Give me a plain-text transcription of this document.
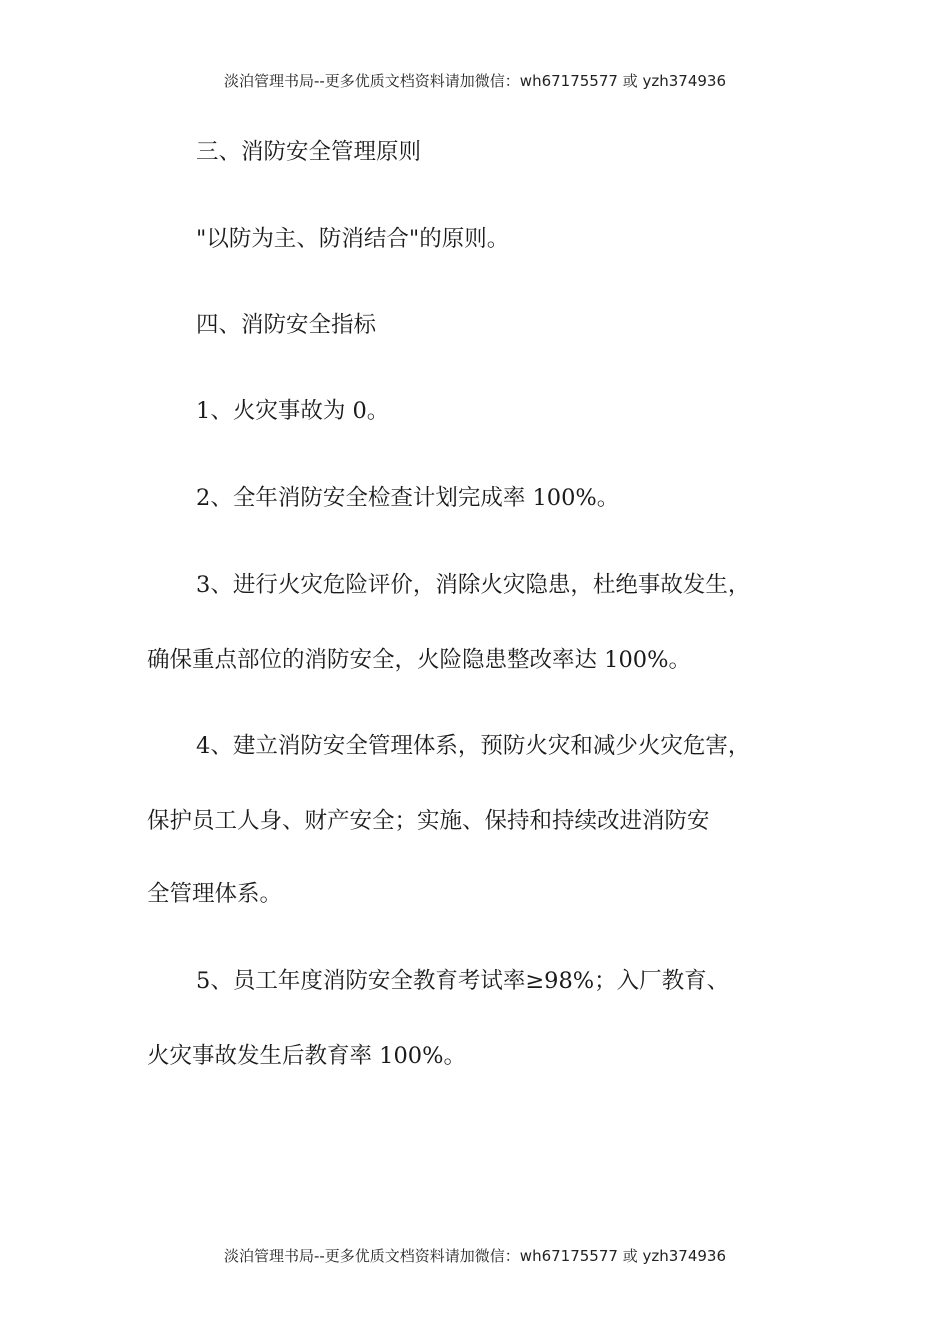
淡泊管理书局--更多优质文档资料请加微信：wh67175577 或 yzh374936
三、消防安全管理原则
"以防为主、防消结合"的原则。
四、消防安全指标
1、火灾事故为 0。
2、全年消防安全检查计划完成率 100%。
3、进行火灾危险评价，消除火灾隐患，杜绝事故发生，
确保重点部位的消防安全，火险隐患整改率达 100%。
4、建立消防安全管理体系，预防火灾和减少火灾危害，
保护员工人身、财产安全；实施、保持和持续改进消防安
全管理体系。
5、员工年度消防安全教育考试率≥98%；入厂教育、
火灾事故发生后教育率 100%。
淡泊管理书局--更多优质文档资料请加微信：wh67175577 或 yzh374936
